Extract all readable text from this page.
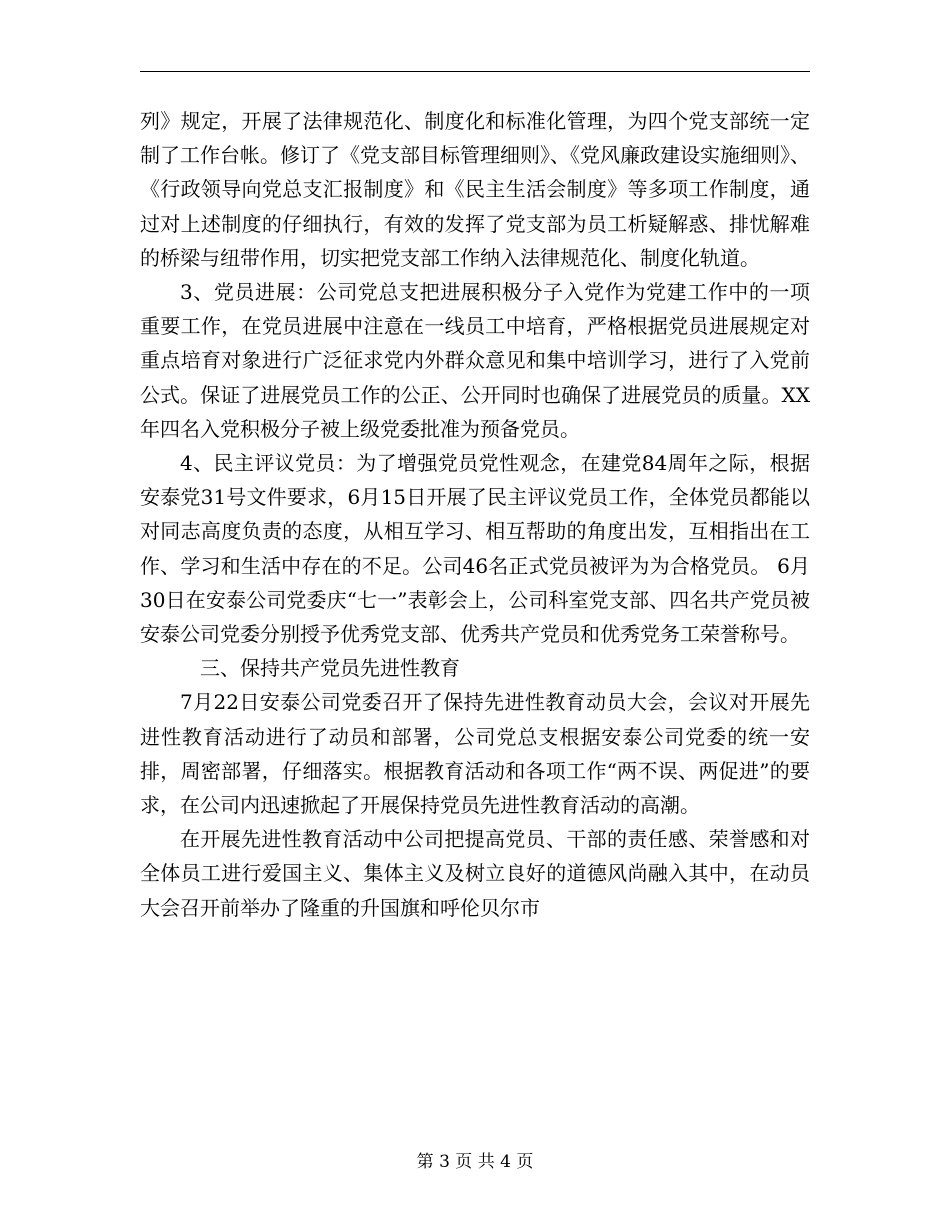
列》规定，开展了法律规范化、制度化和标准化管理，为四个党支部统一定制了工作台帐。修订了《党支部目标管理细则》、《党风廉政建设实施细则》、《行政领导向党总支汇报制度》和《民主生活会制度》等多项工作制度，通过对上述制度的仔细执行，有效的发挥了党支部为员工析疑解惑、排忧解难的桥梁与纽带作用，切实把党支部工作纳入法律规范化、制度化轨道。

3、党员进展：公司党总支把进展积极分子入党作为党建工作中的一项重要工作，在党员进展中注意在一线员工中培育，严格根据党员进展规定对重点培育对象进行广泛征求党内外群众意见和集中培训学习，进行了入党前公式。保证了进展党员工作的公正、公开同时也确保了进展党员的质量。XX年四名入党积极分子被上级党委批准为预备党员。

4、民主评议党员：为了增强党员党性观念，在建党84周年之际，根据安泰党31号文件要求，6月15日开展了民主评议党员工作，全体党员都能以对同志高度负责的态度，从相互学习、相互帮助的角度出发，互相指出在工作、学习和生活中存在的不足。公司46名正式党员被评为为合格党员。 6月30日在安泰公司党委庆“七一”表彰会上，公司科室党支部、四名共产党员被安泰公司党委分别授予优秀党支部、优秀共产党员和优秀党务工荣誉称号。

三、保持共产党员先进性教育

7月22日安泰公司党委召开了保持先进性教育动员大会，会议对开展先进性教育活动进行了动员和部署，公司党总支根据安泰公司党委的统一安排，周密部署，仔细落实。根据教育活动和各项工作“两不误、两促进”的要求，在公司内迅速掀起了开展保持党员先进性教育活动的高潮。

在开展先进性教育活动中公司把提高党员、干部的责任感、荣誉感和对全体员工进行爱国主义、集体主义及树立良好的道德风尚融入其中，在动员大会召开前举办了隆重的升国旗和呼伦贝尔市

第 3 页 共 4 页
